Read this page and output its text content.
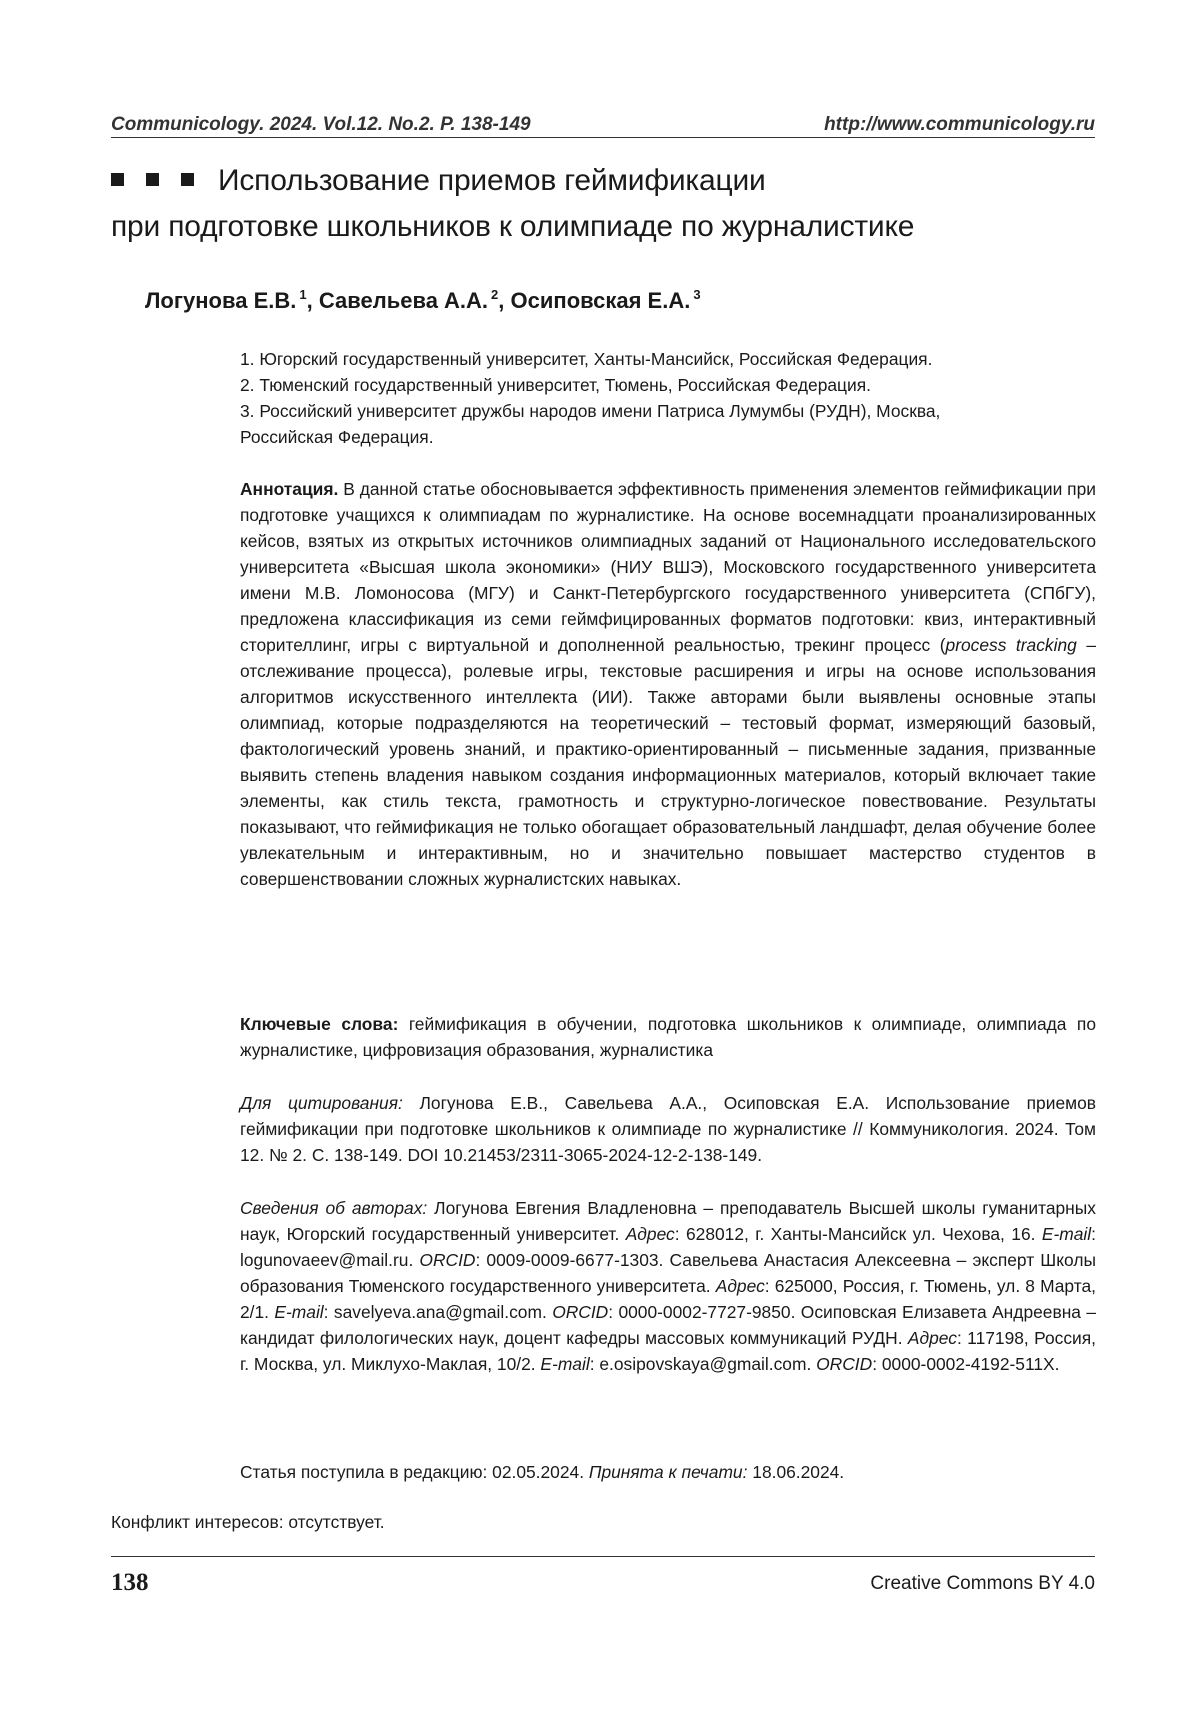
Communicology. 2024. Vol.12. No.2. P. 138-149	http://www.communicology.ru
Использование приемов геймификации
при подготовке школьников к олимпиаде по журналистике
Логунова Е.В. $^1$, Савельева А.А. $^2$, Осиповская Е.А. $^3$
1. Югорский государственный университет, Ханты-Мансийск, Российская Федерация.
2. Тюменский государственный университет, Тюмень, Российская Федерация.
3. Российский университет дружбы народов имени Патриса Лумумбы (РУДН), Москва,
Российская Федерация.
Аннотация. В данной статье обосновывается эффективность применения элементов геймификации при подготовке учащихся к олимпиадам по журналистике. На основе восемнадцати проанализированных кейсов, взятых из открытых источников олимпиадных заданий от Национального исследовательского университета «Высшая школа экономики» (НИУ ВШЭ), Московского государственного университета имени М.В. Ломоносова (МГУ) и Санкт-Петербургского государственного университета (СПбГУ), предложена классификация из семи геймфицированных форматов подготовки: квиз, интерактивный сторителлинг, игры с виртуальной и дополненной реальностью, трекинг процесс (process tracking – отслеживание процесса), ролевые игры, текстовые расширения и игры на основе использования алгоритмов искусственного интеллекта (ИИ). Также авторами были выявлены основные этапы олимпиад, которые подразделяются на теоретический – тестовый формат, измеряющий базовый, фактологический уровень знаний, и практико-ориентированный – письменные задания, призванные выявить степень владения навыком создания информационных материалов, который включает такие элементы, как стиль текста, грамотность и структурно-логическое повествование. Результаты показывают, что геймификация не только обогащает образовательный ландшафт, делая обучение более увлекательным и интерактивным, но и значительно повышает мастерство студентов в совершенствовании сложных журналистских навыках.
Ключевые слова: геймификация в обучении, подготовка школьников к олимпиаде, олимпиада по журналистике, цифровизация образования, журналистика
Для цитирования: Логунова Е.В., Савельева А.А., Осиповская Е.А. Использование приемов геймификации при подготовке школьников к олимпиаде по журналистике // Коммуникология. 2024. Том 12. № 2. С. 138-149. DOI 10.21453/2311-3065-2024-12-2-138-149.
Сведения об авторах: Логунова Евгения Владленовна – преподаватель Высшей школы гуманитарных наук, Югорский государственный университет. Адрес: 628012, г. Ханты-Мансийск ул. Чехова, 16. E-mail: logunovaeev@mail.ru. ORCID: 0009-0009-6677-1303. Савельева Анастасия Алексеевна – эксперт Школы образования Тюменского государственного университета. Адрес: 625000, Россия, г. Тюмень, ул. 8 Марта, 2/1. E-mail: savelyeva.ana@gmail.com. ORCID: 0000-0002-7727-9850. Осиповская Елизавета Андреевна –кандидат филологических наук, доцент кафедры массовых коммуникаций РУДН. Адрес: 117198, Россия, г. Москва, ул. Миклухо-Маклая, 10/2. E-mail: e.osipovskaya@gmail.com. ORCID: 0000-0002-4192-511X.
Статья поступила в редакцию: 02.05.2024. Принята к печати: 18.06.2024.
Конфликт интересов: отсутствует.
138	Creative Commons BY 4.0
